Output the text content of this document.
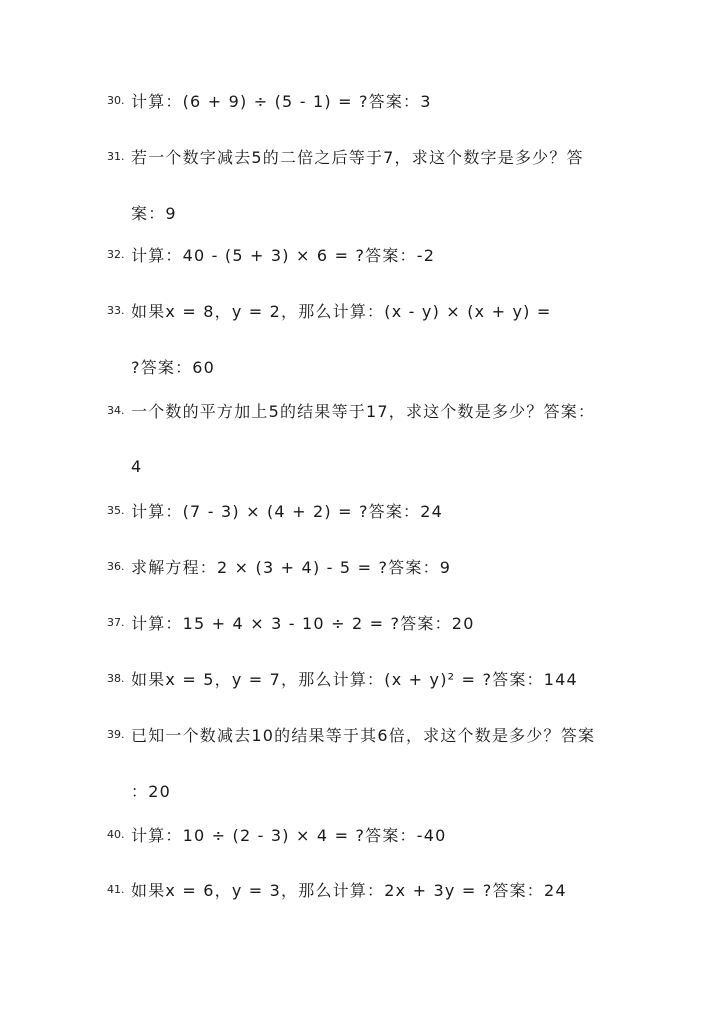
30. 计算：(6 + 9) ÷ (5 - 1) = ?答案：3
31. 若一个数字减去5的二倍之后等于7，求这个数字是多少？答
案：9
32. 计算：40 - (5 + 3) × 6 = ?答案：-2
33. 如果x = 8，y = 2，那么计算：(x - y) × (x + y) =
?答案：60
34. 一个数的平方加上5的结果等于17，求这个数是多少？答案：
4
35. 计算：(7 - 3) × (4 + 2) = ?答案：24
36. 求解方程：2 × (3 + 4) - 5 = ?答案：9
37. 计算：15 + 4 × 3 - 10 ÷ 2 = ?答案：20
38. 如果x = 5，y = 7，那么计算：(x + y)² = ?答案：144
39. 已知一个数减去10的结果等于其6倍，求这个数是多少？答案
：20
40. 计算：10 ÷ (2 - 3) × 4 = ?答案：-40
41. 如果x = 6，y = 3，那么计算：2x + 3y = ?答案：24
